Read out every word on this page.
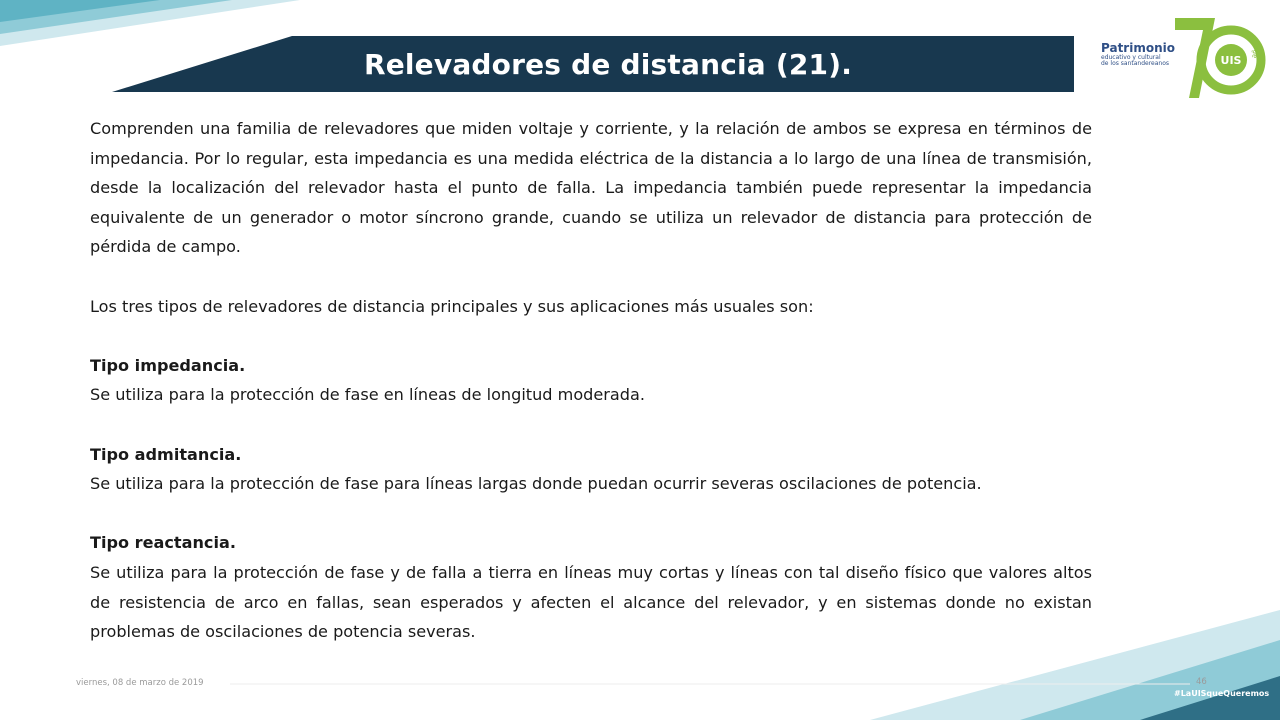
Relevadores de distancia (21).	Patrimonio
educativo y cultural
de los santandereanos	UIS
años

Comprenden una familia de relevadores que miden voltaje y corriente, y la relación de ambos se expresa en términos de impedancia. Por lo regular, esta impedancia es una medida eléctrica de la distancia a lo largo de una línea de transmisión, desde la localización del relevador hasta el punto de falla. La impedancia también puede representar la impedancia equivalente de un generador o motor síncrono grande, cuando se utiliza un relevador de distancia para protección de pérdida de campo.

Los tres tipos de relevadores de distancia principales y sus aplicaciones más usuales son:

Tipo impedancia.
Se utiliza para la protección de fase en líneas de longitud moderada.
Tipo admitancia.
Se utiliza para la protección de fase para líneas largas donde puedan ocurrir severas oscilaciones de potencia.
Tipo reactancia.
Se utiliza para la protección de fase y de falla a tierra en líneas muy cortas y líneas con tal diseño físico que valores altos de resistencia de arco en fallas, sean esperados y afecten el alcance del relevador, y en sistemas donde no existan problemas de oscilaciones de potencia severas.
viernes, 08 de marzo de 2019	46
#LaUISqueQueremos
